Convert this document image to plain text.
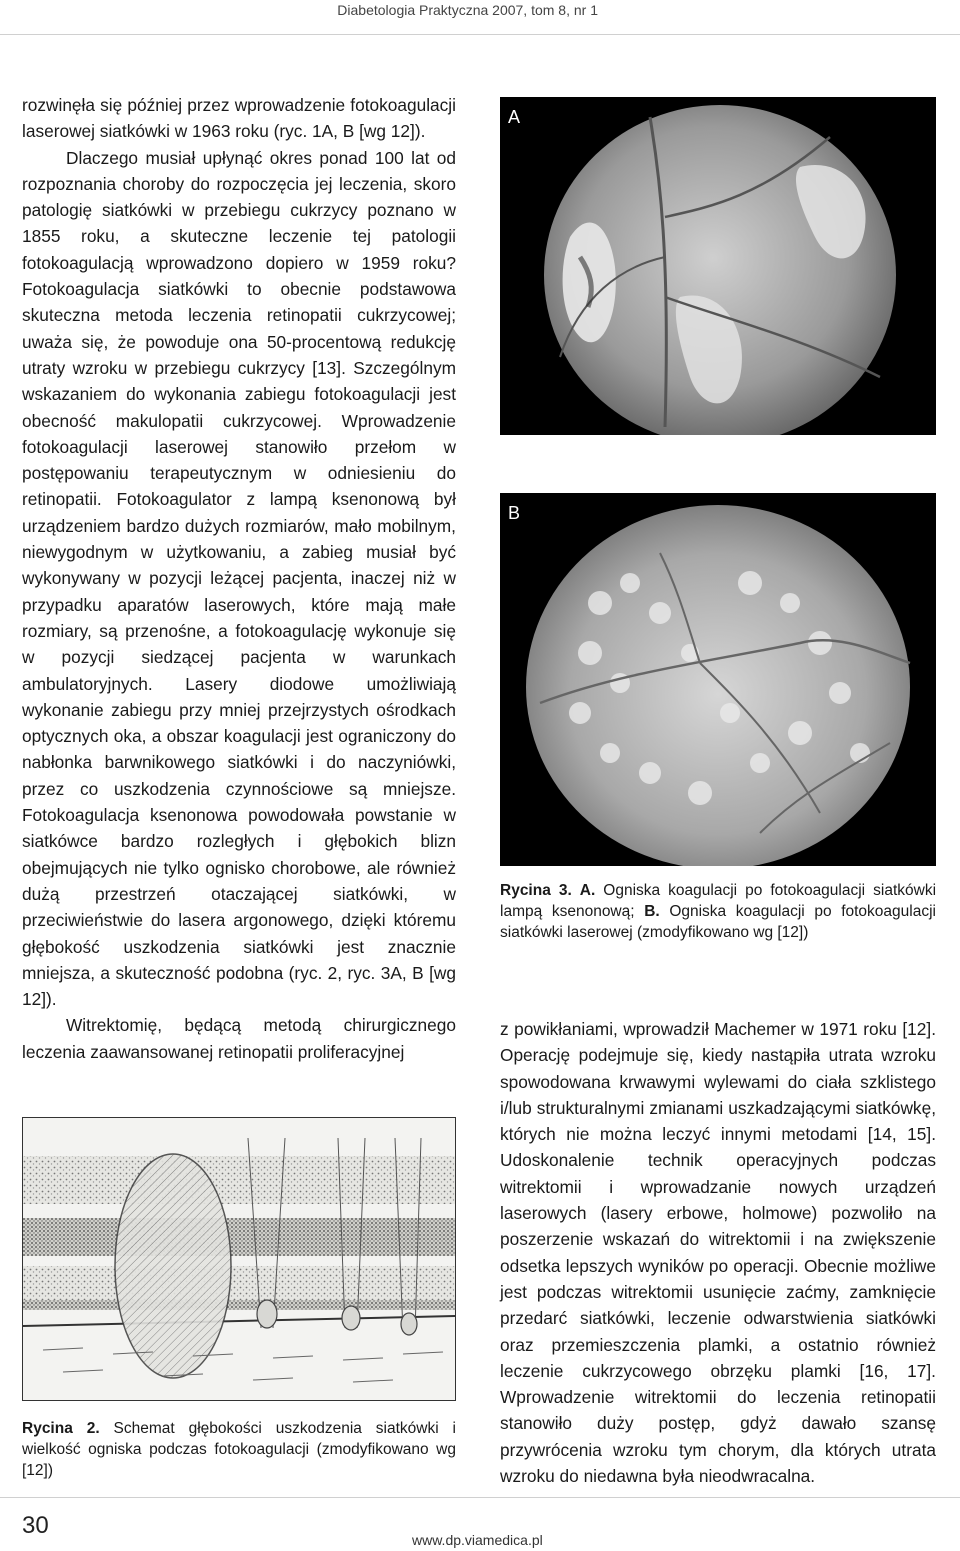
Diabetologia Praktyczna 2007, tom 8, nr 1

rozwinęła się później przez wprowadzenie fotokoagulacji laserowej siatkówki w 1963 roku (ryc. 1A, B [wg 12]).

Dlaczego musiał upłynąć okres ponad 100 lat od rozpoznania choroby do rozpoczęcia jej leczenia, skoro patologię siatkówki w przebiegu cukrzycy poznano w 1855 roku, a skuteczne leczenie tej patologii fotokoagulacją wprowadzono dopiero w 1959 roku? Fotokoagulacja siatkówki to obecnie podstawowa skuteczna metoda leczenia retinopatii cukrzycowej; uważa się, że powoduje ona 50-procentową redukcję utraty wzroku w przebiegu cukrzycy [13]. Szczególnym wskazaniem do wykonania zabiegu fotokoagulacji jest obecność makulopatii cukrzycowej. Wprowadzenie fotokoagulacji laserowej stanowiło przełom w postępowaniu terapeutycznym w odniesieniu do retinopatii. Fotokoagulator z lampą ksenonową był urządzeniem bardzo dużych rozmiarów, mało mobilnym, niewygodnym w użytkowaniu, a zabieg musiał być wykonywany w pozycji leżącej pacjenta, inaczej niż w przypadku aparatów laserowych, które mają małe rozmiary, są przenośne, a fotokoagulację wykonuje się w pozycji siedzącej pacjenta w warunkach ambulatoryjnych. Lasery diodowe umożliwiają wykonanie zabiegu przy mniej przejrzystych ośrodkach optycznych oka, a obszar koagulacji jest ograniczony do nabłonka barwnikowego siatkówki i do naczyniówki, przez co uszkodzenia czynnościowe są mniejsze. Fotokoagulacja ksenonowa powodowała powstanie w siatkówce bardzo rozległych i głębokich blizn obejmujących nie tylko ognisko chorobowe, ale również dużą przestrzeń otaczającej siatkówki, w przeciwieństwie do lasera argonowego, dzięki któremu głębokość uszkodzenia siatkówki jest znacznie mniejsza, a skuteczność podobna (ryc. 2, ryc. 3A, B [wg 12]).

Witrektomię, będącą metodą chirurgicznego leczenia zaawansowanej retinopatii proliferacyjnej

Rycina 2. Schemat głębokości uszkodzenia siatkówki i wielkość ogniska podczas fotokoagulacji (zmodyfikowano wg [12])
A
B
Rycina 3. A. Ogniska koagulacji po fotokoagulacji siatkówki lampą ksenonową; B. Ogniska koagulacji po fotokoagulacji siatkówki laserowej (zmodyfikowano wg [12])

z powikłaniami, wprowadził Machemer w 1971 roku [12]. Operację podejmuje się, kiedy nastąpiła utrata wzroku spowodowana krwawymi wylewami do ciała szklistego i/lub strukturalnymi zmianami uszkadzającymi siatkówkę, których nie można leczyć innymi metodami [14, 15]. Udoskonalenie technik operacyjnych podczas witrektomii i wprowadzanie nowych urządzeń laserowych (lasery erbowe, holmowe) pozwoliło na poszerzenie wskazań do witrektomii i na zwiększenie odsetka lepszych wyników po operacji. Obecnie możliwe jest podczas witrektomii usunięcie zaćmy, zamknięcie przedarć siatkówki, leczenie odwarstwienia siatkówki oraz przemieszczenia plamki, a ostatnio również leczenie cukrzycowego obrzęku plamki [16, 17]. Wprowadzenie witrektomii do leczenia retinopatii stanowiło duży postęp, gdyż dawało szansę przywrócenia wzroku tym chorym, dla których utrata wzroku do niedawna była nieodwracalna.

30
www.dp.viamedica.pl
